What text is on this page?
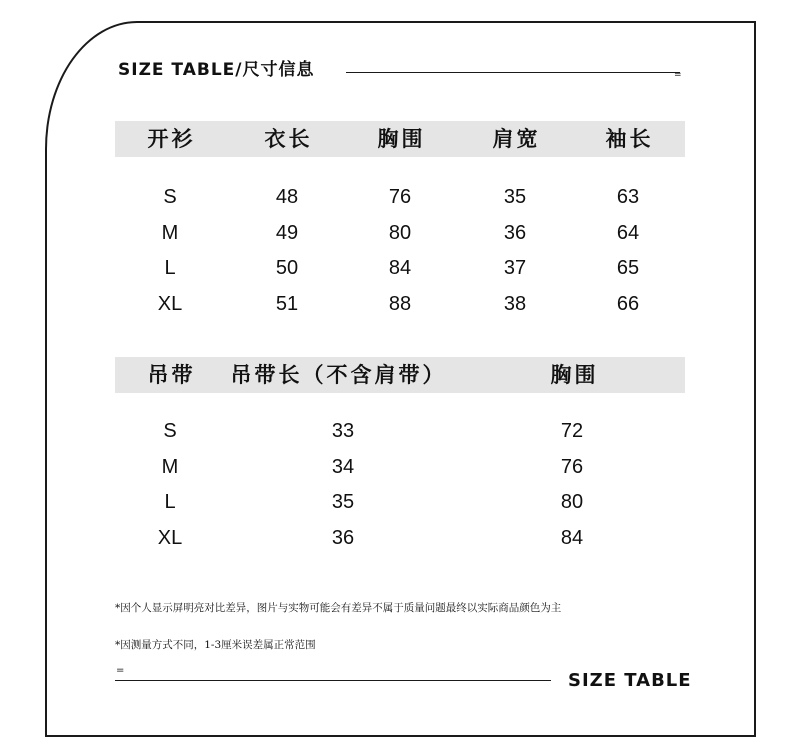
SIZE TABLE/尺寸信息	=
开衫	衣长	胸围	肩宽	袖长
S	48	76	35	63
M	49	80	36	64
L	50	84	37	65
XL	51	88	38	66
吊带	吊带长（不含肩带）	胸围
S	33	72
M	34	76
L	35	80
XL	36	84
*因个人显示屏明亮对比差异，图片与实物可能会有差异不属于质量问题最终以实际商品颜色为主
*因测量方式不同，1-3厘米误差属正常范围
=	SIZE TABLE
